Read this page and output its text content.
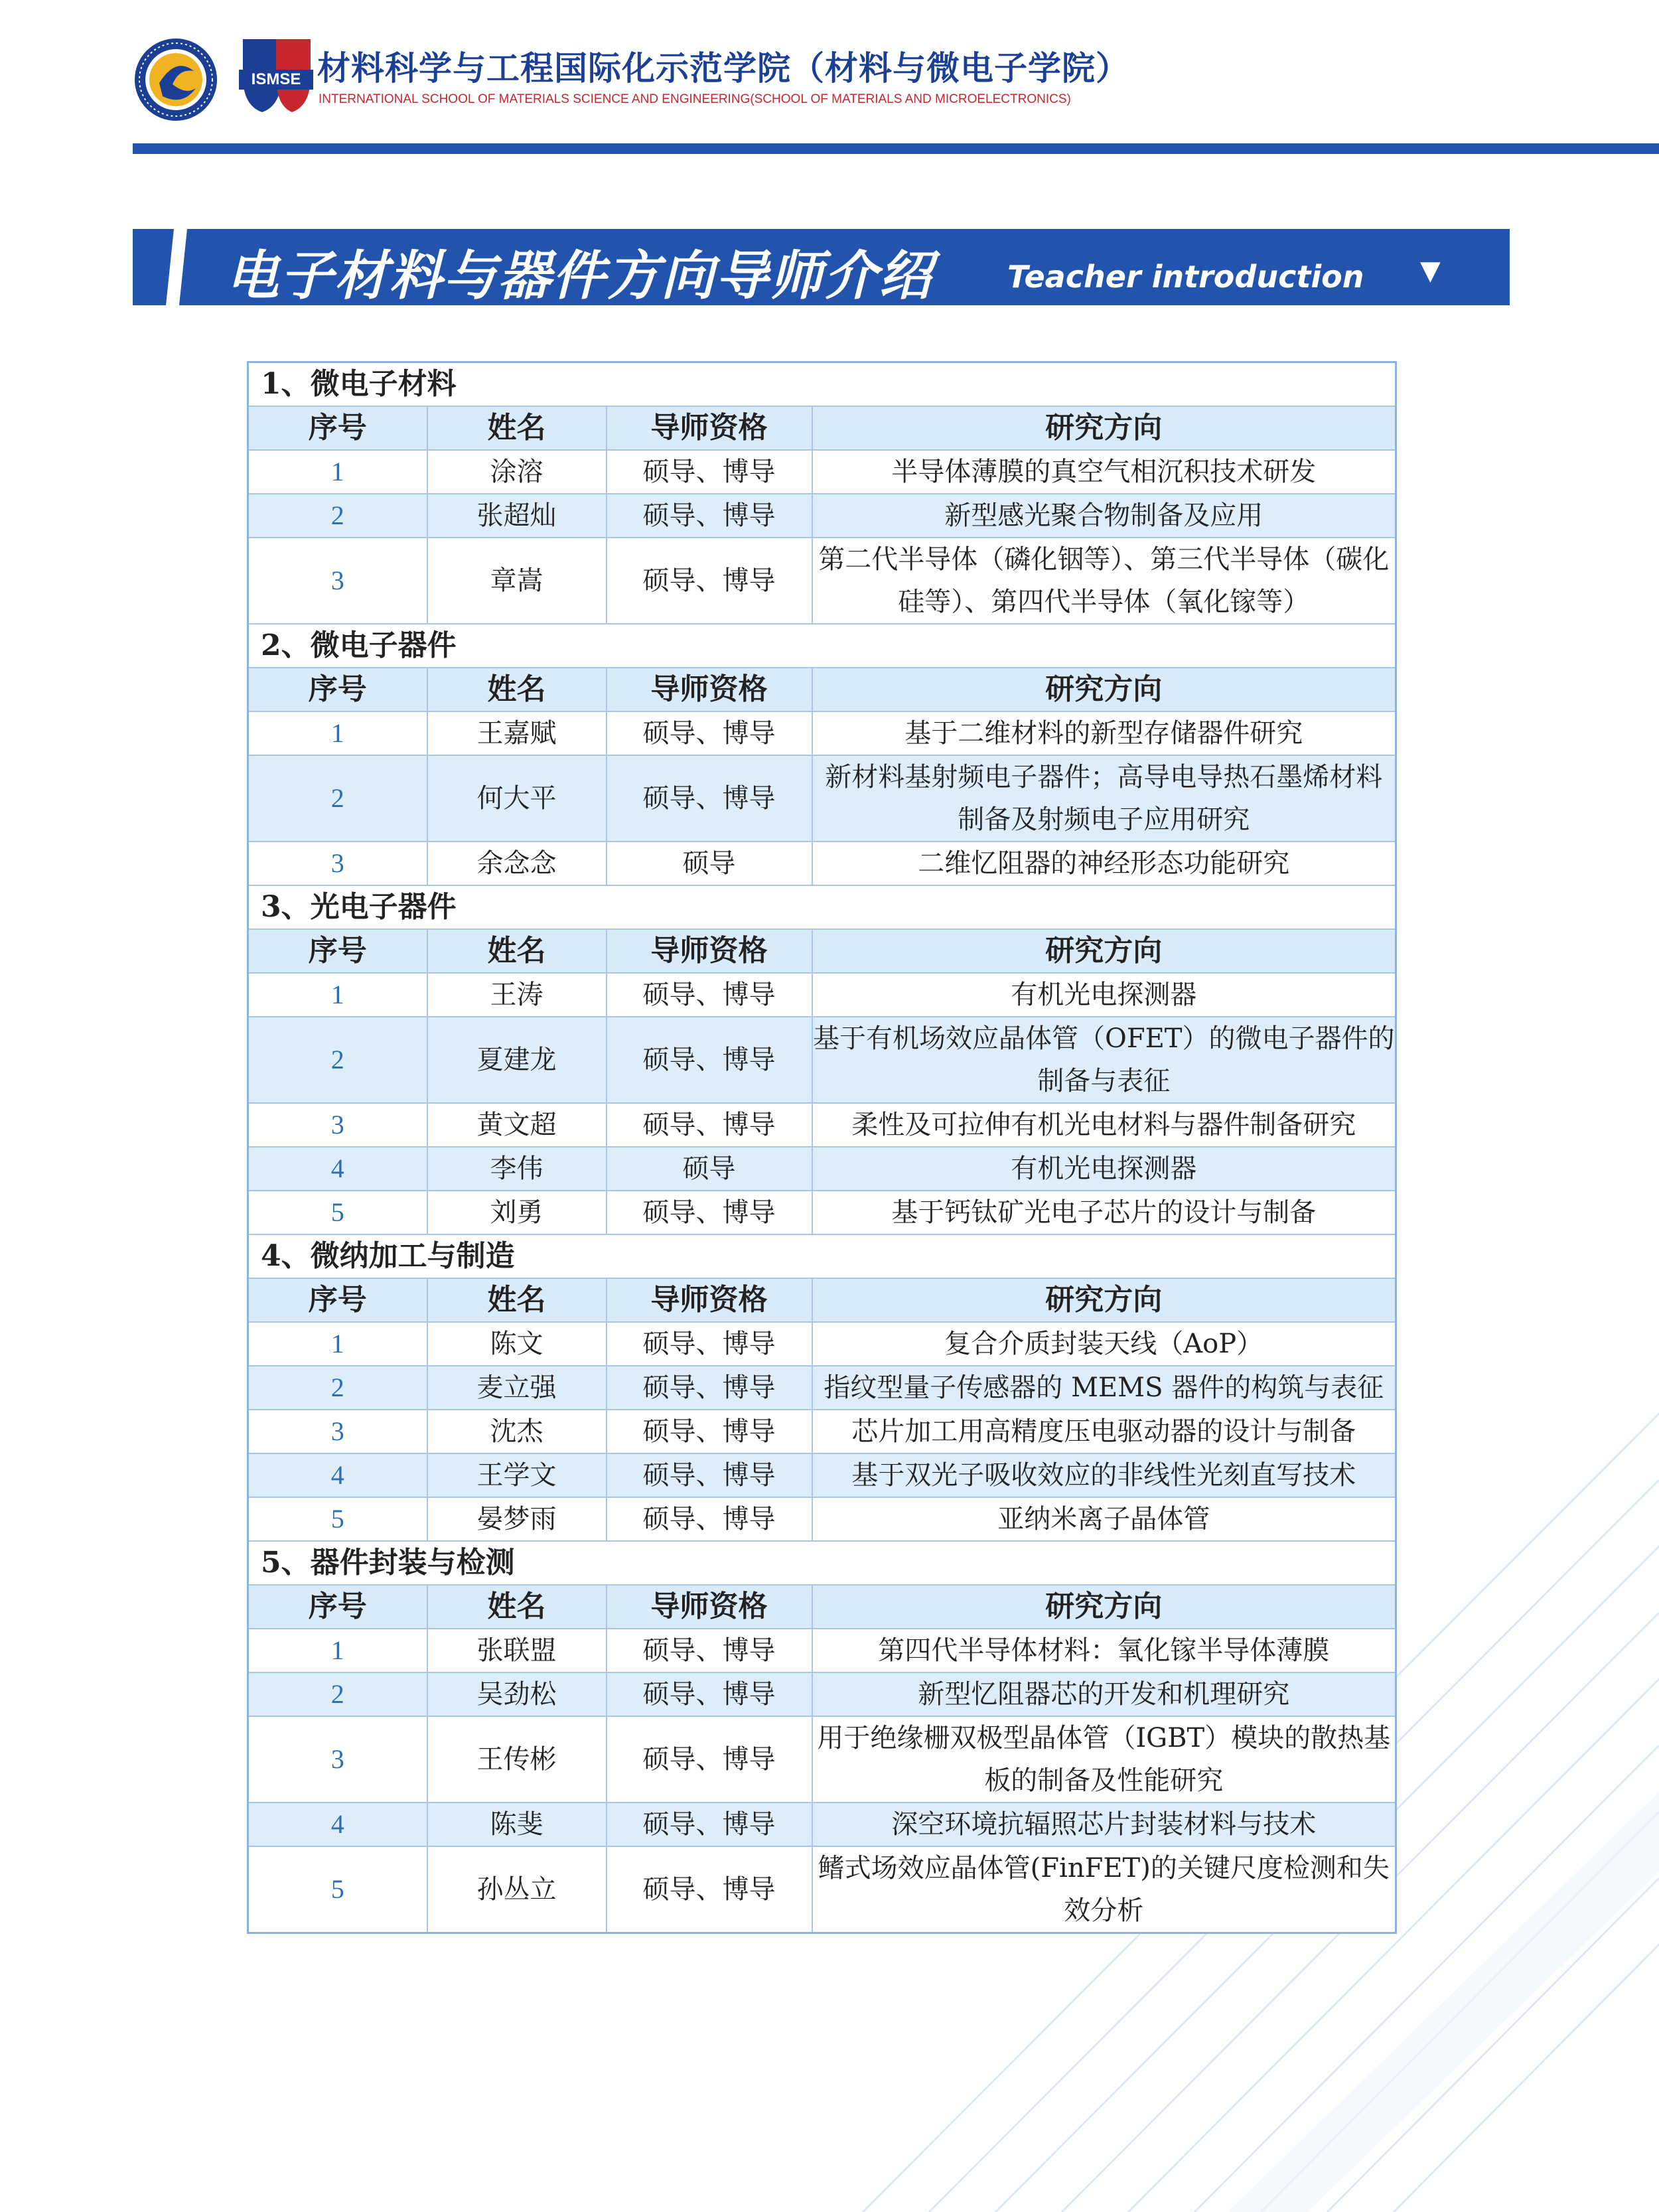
ISMSE 材料科学与工程国际化示范学院（材料与微电子学院）
INTERNATIONAL SCHOOL OF MATERIALS SCIENCE AND ENGINEERING(SCHOOL OF MATERIALS AND MICROELECTRONICS)
电子材料与器件方向导师介绍 Teacher introduction ▼
1、微电子材料			
序号	姓名	导师资格	研究方向
1	涂溶	硕导、博导	半导体薄膜的真空气相沉积技术研发
2	张超灿	硕导、博导	新型感光聚合物制备及应用
3	章嵩	硕导、博导	第二代半导体（磷化铟等）、第三代半导体（碳化硅等）、第四代半导体（氧化镓等）
2、微电子器件			
序号	姓名	导师资格	研究方向
1	王嘉赋	硕导、博导	基于二维材料的新型存储器件研究
2	何大平	硕导、博导	新材料基射频电子器件；高导电导热石墨烯材料制备及射频电子应用研究
3	余念念	硕导	二维忆阻器的神经形态功能研究
3、光电子器件			
序号	姓名	导师资格	研究方向
1	王涛	硕导、博导	有机光电探测器
2	夏建龙	硕导、博导	基于有机场效应晶体管（OFET）的微电子器件的制备与表征
3	黄文超	硕导、博导	柔性及可拉伸有机光电材料与器件制备研究
4	李伟	硕导	有机光电探测器
5	刘勇	硕导、博导	基于钙钛矿光电子芯片的设计与制备
4、微纳加工与制造			
序号	姓名	导师资格	研究方向
1	陈文	硕导、博导	复合介质封装天线（AoP）
2	麦立强	硕导、博导	指纹型量子传感器的 MEMS 器件的构筑与表征
3	沈杰	硕导、博导	芯片加工用高精度压电驱动器的设计与制备
4	王学文	硕导、博导	基于双光子吸收效应的非线性光刻直写技术
5	晏梦雨	硕导、博导	亚纳米离子晶体管
5、器件封装与检测			
序号	姓名	导师资格	研究方向
1	张联盟	硕导、博导	第四代半导体材料：氧化镓半导体薄膜
2	吴劲松	硕导、博导	新型忆阻器芯的开发和机理研究
3	王传彬	硕导、博导	用于绝缘栅双极型晶体管（IGBT）模块的散热基板的制备及性能研究
4	陈斐	硕导、博导	深空环境抗辐照芯片封装材料与技术
5	孙丛立	硕导、博导	鳍式场效应晶体管(FinFET)的关键尺度检测和失效分析
